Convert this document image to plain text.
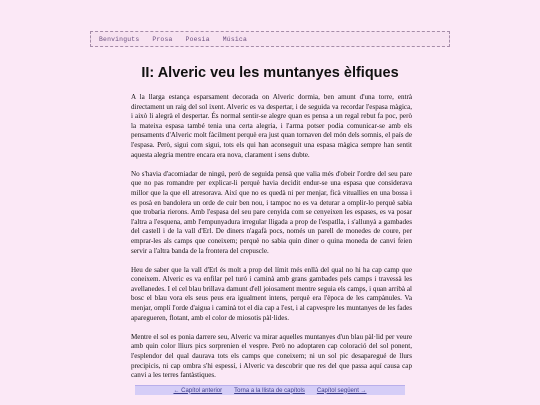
Benvinguts Prosa Poesia Música
II: Alveric veu les muntanyes èlfiques

A la llarga estança esparsament decorada on Alveric dormia, ben amunt d'una torre, entrà directament un raig del sol ixent. Alveric es va despertar, i de seguida va recordar l'espasa màgica, i això li alegrà el despertar. És normal sentir-se alegre quan es pensa a un regal rebut fa poc, però la mateixa espasa també tenia una certa alegria, i l'arma potser podia comunicar-se amb els pensaments d'Alveric molt fàcilment perquè era just quan tornaven del món dels somnis, el país de l'espasa. Però, sigui com sigui, tots els qui han aconseguit una espasa màgica sempre han sentit aquesta alegria mentre encara era nova, clarament i sens dubte.

No s'havia d'acomiadar de ningú, però de seguida pensà que valia més d'obeir l'ordre del seu pare que no pas romandre per explicar-li perquè havia decidit endur-se una espasa que considerava millor que la que ell atresorava. Així que no es quedà ni per menjar, ficà vituallies en una bossa i es posà en bandolera un orde de cuir ben nou, i tampoc no es va deturar a omplir-lo perquè sabia que trobaria rierons. Amb l'espasa del seu pare cenyida com se cenyeixen les espases, es va posar l'altra a l'esquena, amb l'empunyadura irregular lligada a prop de l'espatlla, i s'allunyà a gambades del castell i de la vall d'Erl. De diners n'agafà pocs, només un parell de monedes de coure, per emprar-les als camps que coneixem; perquè no sabia quin diner o quina moneda de canvi feien servir a l'altra banda de la frontera del crepuscle.

Heu de saber que la vall d'Erl és molt a prop del límit més enllà del qual no hi ha cap camp que coneixem. Alveric es va enfilar pel turó i caminà amb grans gambades pels camps i travessà les avellanedes. I el cel blau brillava damunt d'ell joiosament mentre seguia els camps, i quan arribà al bosc el blau vora els seus peus era igualment intens, perquè era l'època de les campànules. Va menjar, omplí l'orde d'aigua i caminà tot el dia cap a l'est, i al capvespre les muntanyes de les fades aparegueren, flotant, amb el color de miosotis pàl·lides.

Mentre el sol es ponia darrere seu, Alveric va mirar aquelles muntanyes d'un blau pàl·lid per veure amb quin color lliurs pics sorprenien el vespre. Però no adoptaren cap coloració del sol ponent, l'esplendor del qual daurava tots els camps que coneixem; ni un sol pic desaparegué de llurs precipicis, ni cap ombra s'hi espessí, i Alveric va descobrir que res del que passa aquí causa cap canvi a les terres fantàstiques.

← Capítol anterior Torna a la llista de capítols Capítol següent →
